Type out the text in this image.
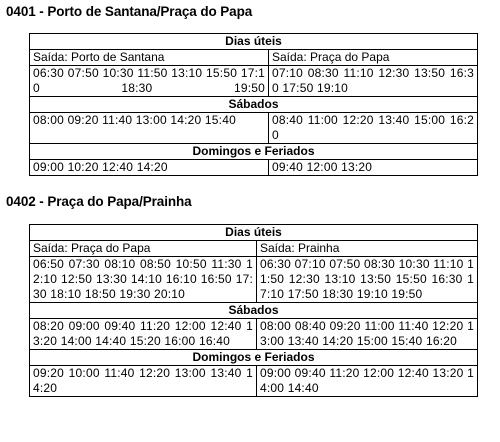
0401 - Porto de Santana/Praça do Papa
Dias úteis	
Saída: Porto de Santana	Saída: Praça do Papa
06:30 07:50 10:30 11:50 13:10 15:50 17:10 18:30 19:50	07:10 08:30 11:10 12:30 13:50 16:30 17:50 19:10
Sábados	
08:00 09:20 11:40 13:00 14:20 15:40	08:40 11:00 12:20 13:40 15:00 16:20
Domingos e Feriados	
09:00 10:20 12:40 14:20	09:40 12:00 13:20
0402 - Praça do Papa/Prainha
Dias úteis	
Saída: Praça do Papa	Saída: Prainha
06:50 07:30 08:10 08:50 10:50 11:30 12:10 12:50 13:30 14:10 16:10 16:50 17:30 18:10 18:50 19:30 20:10	06:30 07:10 07:50 08:30 10:30 11:10 11:50 12:30 13:10 13:50 15:50 16:30 17:10 17:50 18:30 19:10 19:50
Sábados	
08:20 09:00 09:40 11:20 12:00 12:40 13:20 14:00 14:40 15:20 16:00 16:40	08:00 08:40 09:20 11:00 11:40 12:20 13:00 13:40 14:20 15:00 15:40 16:20
Domingos e Feriados	
09:20 10:00 11:40 12:20 13:00 13:40 14:20	09:00 09:40 11:20 12:00 12:40 13:20 14:00 14:40
